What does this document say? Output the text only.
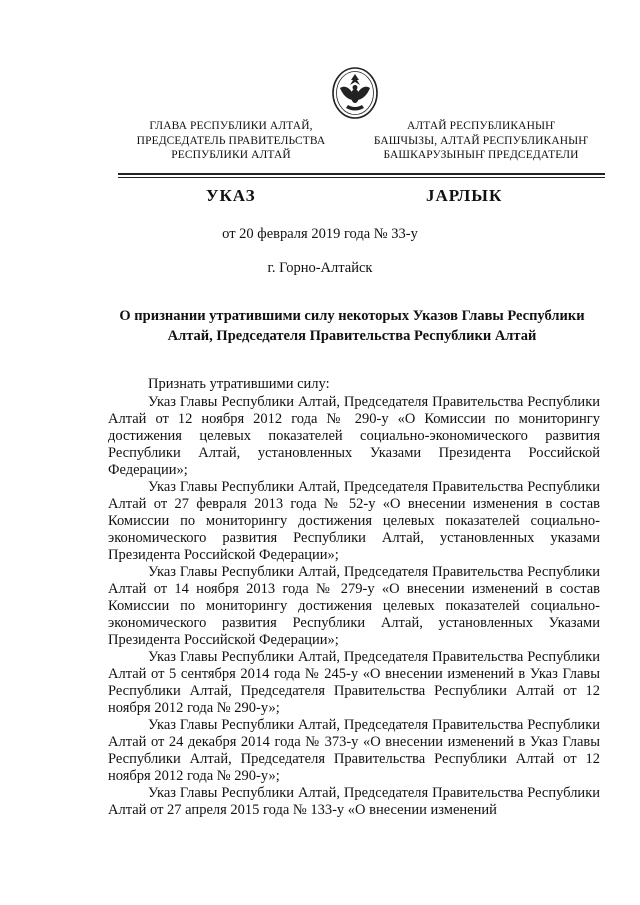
ГЛАВА РЕСПУБЛИКИ АЛТАЙ,
ПРЕДСЕДАТЕЛЬ ПРАВИТЕЛЬСТВА
РЕСПУБЛИКИ АЛТАЙ
АЛТАЙ РЕСПУБЛИКАНЫҤ
БАШЧЫЗЫ, АЛТАЙ РЕСПУБЛИКАНЫҤ
БАШКАРУЗЫНЫҤ ПРЕДСЕДАТЕЛИ
УКАЗ	JАРЛЫК
от 20 февраля 2019 года № 33-у
г. Горно-Алтайск
О признании утратившими силу некоторых Указов Главы Республики Алтай, Председателя Правительства Республики Алтай
Признать утратившими силу:

Указ Главы Республики Алтай, Председателя Правительства Республики Алтай от 12 ноября 2012 года № 290-у «О Комиссии по мониторингу достижения целевых показателей социально-экономического развития Республики Алтай, установленных Указами Президента Российской Федерации»;

Указ Главы Республики Алтай, Председателя Правительства Республики Алтай от 27 февраля 2013 года № 52-у «О внесении изменения в состав Комиссии по мониторингу достижения целевых показателей социально-экономического развития Республики Алтай, установленных указами Президента Российской Федерации»;

Указ Главы Республики Алтай, Председателя Правительства Республики Алтай от 14 ноября 2013 года № 279-у «О внесении изменений в состав Комиссии по мониторингу достижения целевых показателей социально-экономического развития Республики Алтай, установленных Указами Президента Российской Федерации»;

Указ Главы Республики Алтай, Председателя Правительства Республики Алтай от 5 сентября 2014 года № 245-у «О внесении изменений в Указ Главы Республики Алтай, Председателя Правительства Республики Алтай от 12 ноября 2012 года № 290-у»;

Указ Главы Республики Алтай, Председателя Правительства Республики Алтай от 24 декабря 2014 года № 373-у «О внесении изменений в Указ Главы Республики Алтай, Председателя Правительства Республики Алтай от 12 ноября 2012 года № 290-у»;

Указ Главы Республики Алтай, Председателя Правительства Республики Алтай от 27 апреля 2015 года № 133-у «О внесении изменений
